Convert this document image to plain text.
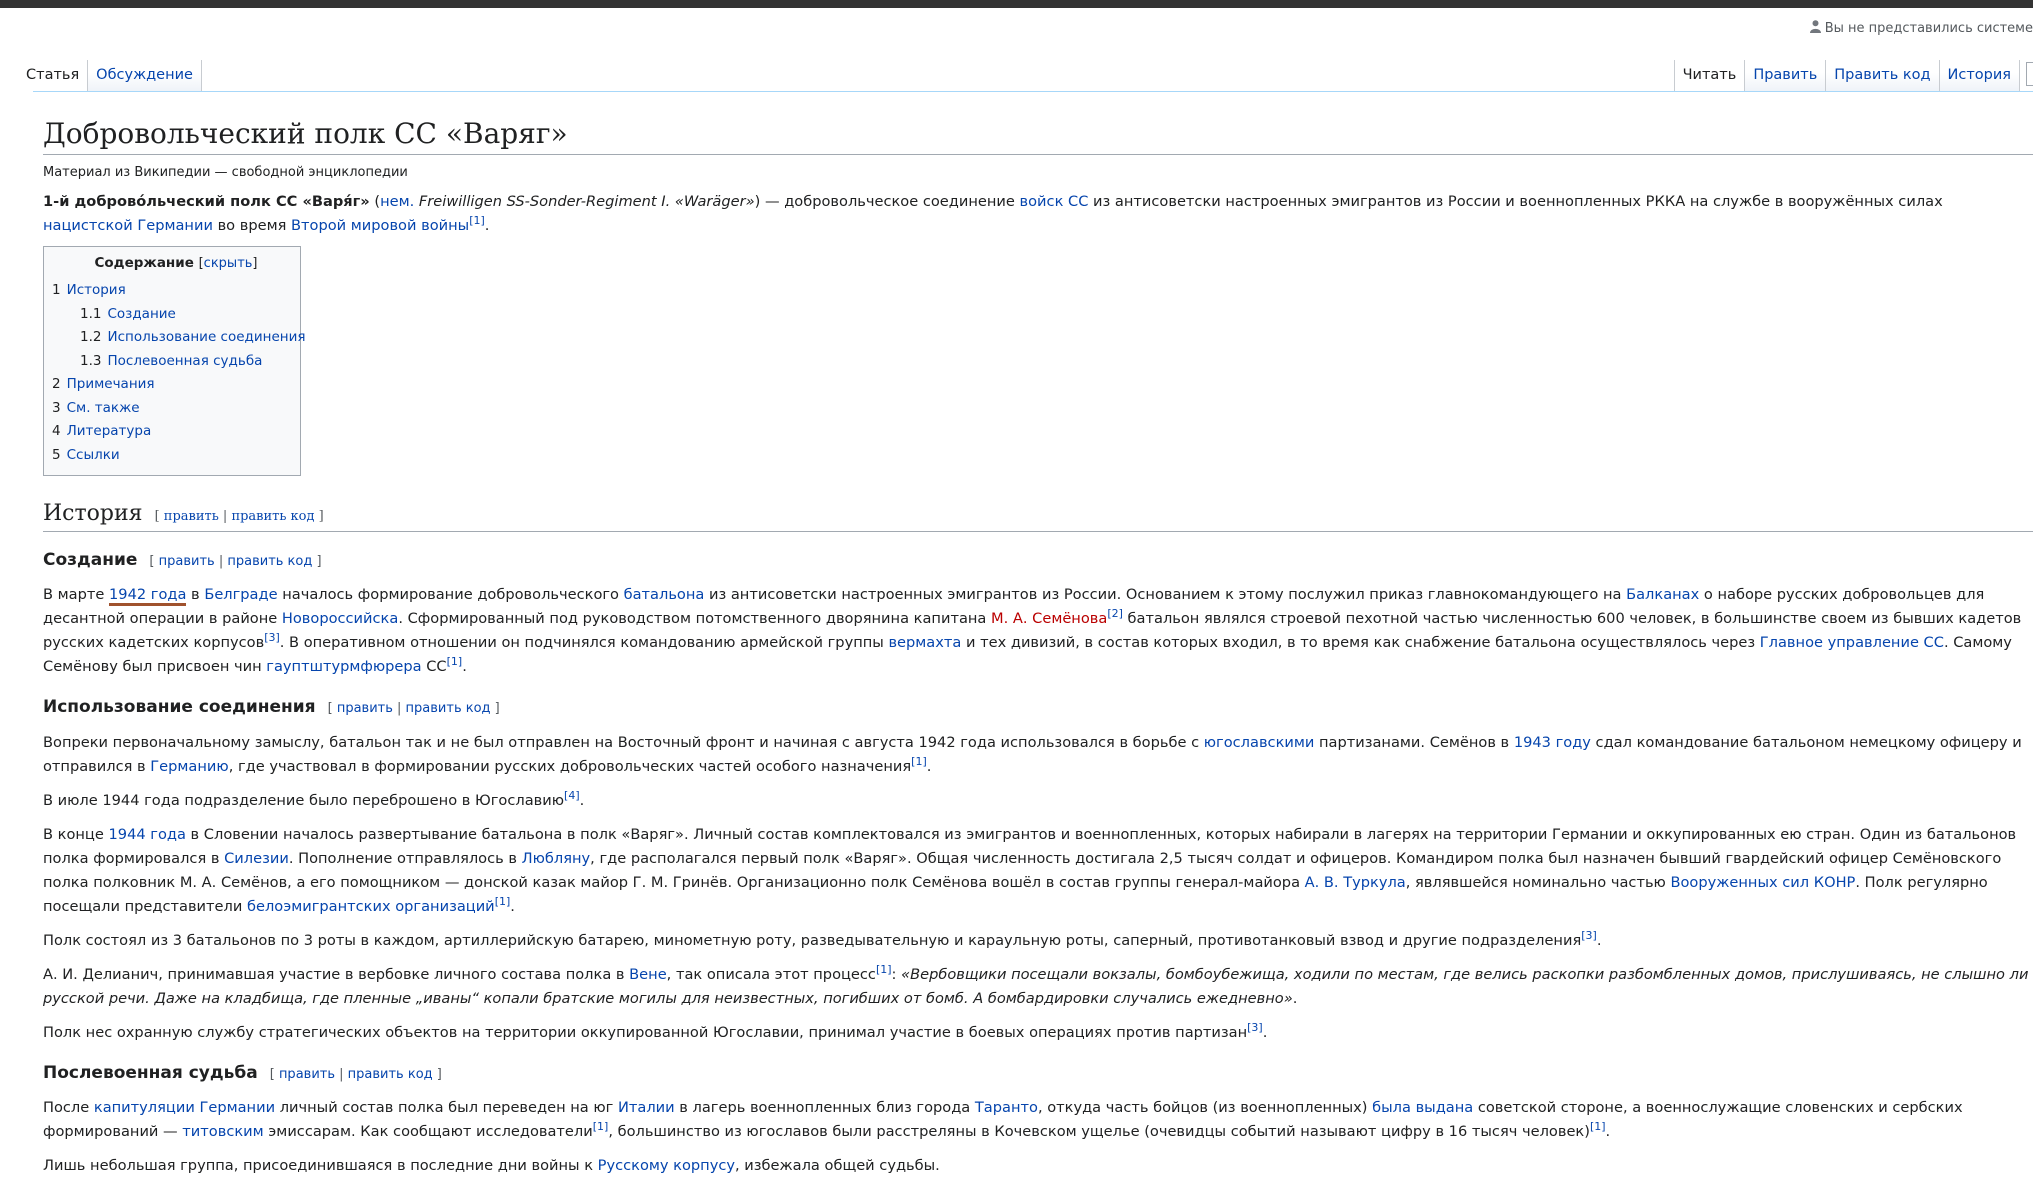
Вы не представились системе
Статья	Обсуждение	Читать	Править	Править код	История
Добровольческий полк СС «Варяг»
Материал из Википедии — свободной энциклопедии

1-й доброво́льческий полк СС «Варя́г» (нем. Freiwilligen SS-Sonder-Regiment I. «Waräger») — добровольческое соединение войск СС из антисоветски настроенных эмигрантов из России и военнопленных РККА на службе в вооружённых силах нацистской Германии во время Второй мировой войны[1].

Содержание [скрыть]
1 История
1.1 Создание
1.2 Использование соединения
1.3 Послевоенная судьба
2 Примечания
3 См. также
4 Литература
5 Ссылки
История [ править | править код ]
Создание [ править | править код ]

В марте 1942 года в Белграде началось формирование добровольческого батальона из антисоветски настроенных эмигрантов из России. Основанием к этому послужил приказ главнокомандующего на Балканах о наборе русских добровольцев для десантной операции в районе Новороссийска. Сформированный под руководством потомственного дворянина капитана М. А. Семёнова[2] батальон являлся строевой пехотной частью численностью 600 человек, в большинстве своем из бывших кадетов русских кадетских корпусов[3]. В оперативном отношении он подчинялся командованию армейской группы вермахта и тех дивизий, в состав которых входил, в то время как снабжение батальона осуществлялось через Главное управление СС. Самому Семёнову был присвоен чин гауптштурмфюрера СС[1].

Использование соединения [ править | править код ]

Вопреки первоначальному замыслу, батальон так и не был отправлен на Восточный фронт и начиная с августа 1942 года использовался в борьбе с югославскими партизанами. Семёнов в 1943 году сдал командование батальоном немецкому офицеру и отправился в Германию, где участвовал в формировании русских добровольческих частей особого назначения[1].

В июле 1944 года подразделение было переброшено в Югославию[4].

В конце 1944 года в Словении началось развертывание батальона в полк «Варяг». Личный состав комплектовался из эмигрантов и военнопленных, которых набирали в лагерях на территории Германии и оккупированных ею стран. Один из батальонов полка формировался в Силезии. Пополнение отправлялось в Любляну, где располагался первый полк «Варяг». Общая численность достигала 2,5 тысяч солдат и офицеров. Командиром полка был назначен бывший гвардейский офицер Семёновского полка полковник М. А. Семёнов, а его помощником — донской казак майор Г. М. Гринёв. Организационно полк Семёнова вошёл в состав группы генерал-майора А. В. Туркула, являвшейся номинально частью Вооруженных сил КОНР. Полк регулярно посещали представители белоэмигрантских организаций[1].

Полк состоял из 3 батальонов по 3 роты в каждом, артиллерийскую батарею, минометную роту, разведывательную и караульную роты, саперный, противотанковый взвод и другие подразделения[3].

А. И. Делианич, принимавшая участие в вербовке личного состава полка в Вене, так описала этот процесс[1]: «Вербовщики посещали вокзалы, бомбоубежища, ходили по местам, где велись раскопки разбомбленных домов, прислушиваясь, не слышно ли русской речи. Даже на кладбища, где пленные „иваны“ копали братские могилы для неизвестных, погибших от бомб. А бомбардировки случались ежедневно».

Полк нес охранную службу стратегических объектов на территории оккупированной Югославии, принимал участие в боевых операциях против партизан[3].

Послевоенная судьба [ править | править код ]

После капитуляции Германии личный состав полка был переведен на юг Италии в лагерь военнопленных близ города Таранто, откуда часть бойцов (из военнопленных) была выдана советской стороне, а военнослужащие словенских и сербских формирований — титовским эмиссарам. Как сообщают исследователи[1], большинство из югославов были расстреляны в Кочевском ущелье (очевидцы событий называют цифру в 16 тысяч человек)[1].

Лишь небольшая группа, присоединившаяся в последние дни войны к Русскому корпусу, избежала общей судьбы.
